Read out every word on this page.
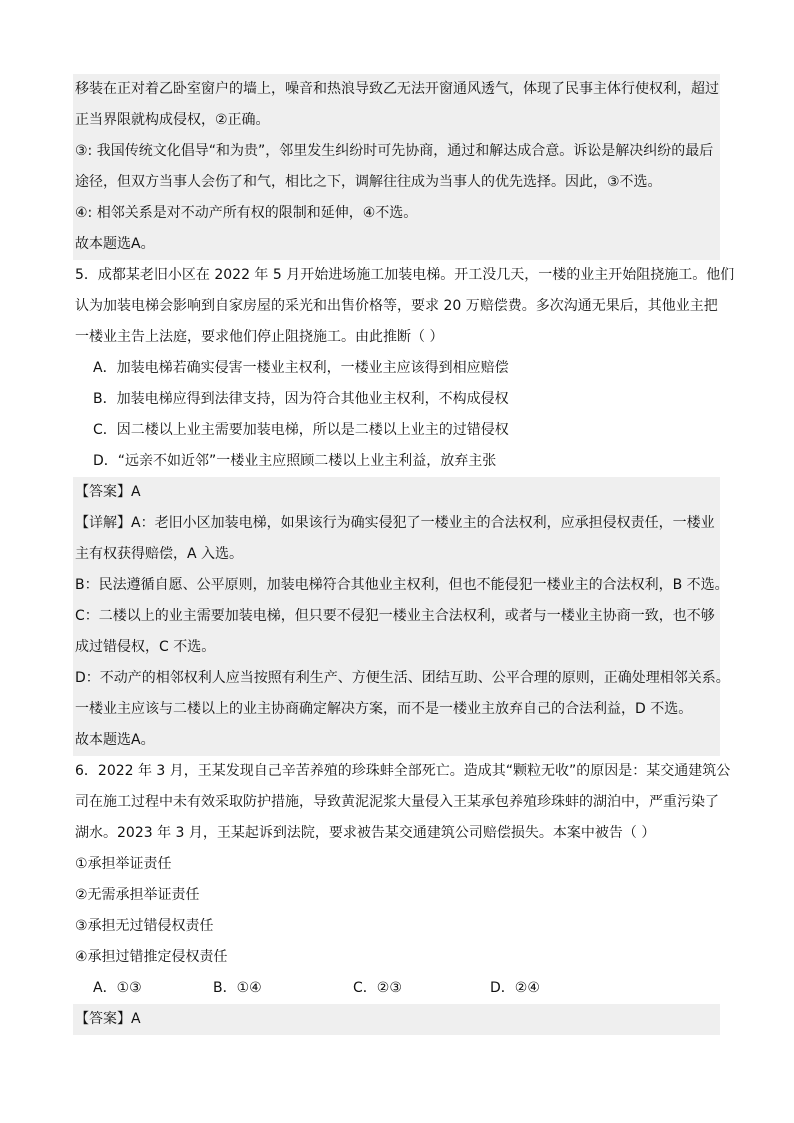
移装在正对着乙卧室窗户的墙上，噪音和热浪导致乙无法开窗通风透气，体现了民事主体行使权利，超过
正当界限就构成侵权，②正确。
③: 我国传统文化倡导“和为贵”，邻里发生纠纷时可先协商，通过和解达成合意。诉讼是解决纠纷的最后
途径，但双方当事人会伤了和气，相比之下，调解往往成为当事人的优先选择。因此，③不选。
④: 相邻关系是对不动产所有权的限制和延伸，④不选。
故本题选A。
5．成都某老旧小区在 2022 年 5 月开始进场施工加装电梯。开工没几天，一楼的业主开始阻挠施工。他们
认为加装电梯会影响到自家房屋的采光和出售价格等，要求 20 万赔偿费。多次沟通无果后，其他业主把
一楼业主告上法庭，要求他们停止阻挠施工。由此推断（ ）
A．加装电梯若确实侵害一楼业主权利，一楼业主应该得到相应赔偿
B．加装电梯应得到法律支持，因为符合其他业主权利，不构成侵权
C．因二楼以上业主需要加装电梯，所以是二楼以上业主的过错侵权
D．“远亲不如近邻”一楼业主应照顾二楼以上业主利益，放弃主张
【答案】A
【详解】A：老旧小区加装电梯，如果该行为确实侵犯了一楼业主的合法权利，应承担侵权责任，一楼业
主有权获得赔偿，A 入选。
B：民法遵循自愿、公平原则，加装电梯符合其他业主权利，但也不能侵犯一楼业主的合法权利，B 不选。
C：二楼以上的业主需要加装电梯，但只要不侵犯一楼业主合法权利，或者与一楼业主协商一致，也不够
成过错侵权，C 不选。
D：不动产的相邻权利人应当按照有利生产、方便生活、团结互助、公平合理的原则，正确处理相邻关系。
一楼业主应该与二楼以上的业主协商确定解决方案，而不是一楼业主放弃自己的合法利益，D 不选。
故本题选A。
6．2022 年 3 月，王某发现自己辛苦养殖的珍珠蚌全部死亡。造成其“颗粒无收”的原因是：某交通建筑公
司在施工过程中未有效采取防护措施，导致黄泥泥浆大量侵入王某承包养殖珍珠蚌的湖泊中，严重污染了
湖水。2023 年 3 月，王某起诉到法院，要求被告某交通建筑公司赔偿损失。本案中被告（ ）
①承担举证责任
②无需承担举证责任
③承担无过错侵权责任
④承担过错推定侵权责任
A．①③	B．①④	C．②③	D．②④
【答案】A
